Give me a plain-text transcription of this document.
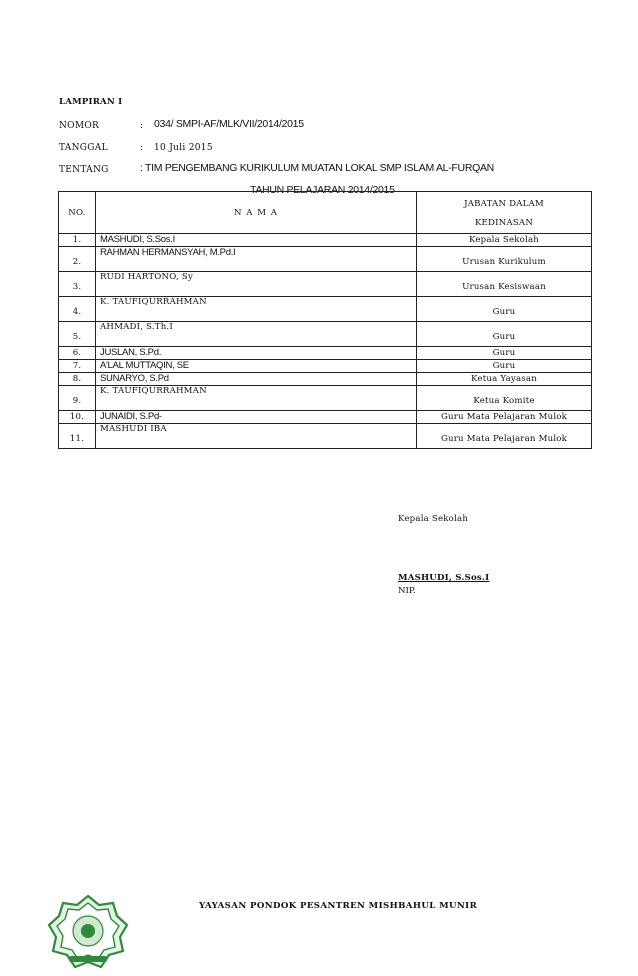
LAMPIRAN I
NOMOR	: 034/ SMPI-AF/MLK/VII/2014/2015
TANGGAL	: 10 Juli 2015
TENTANG	: TIM PENGEMBANG KURIKULUM MUATAN LOKAL SMP ISLAM AL-FURQAN
TAHUN PELAJARAN 2014/2015
NO.	N A M A	JABATAN DALAM
KEDINASAN

1.	MASHUDI, S.Sos.I	Kepala Sekolah

2.	RAHMAN HERMANSYAH, M.Pd.I	Urusan Kurikulum

3.	RUDI HARTONO, Sy	Urusan Kesiswaan

4.	K. TAUFIQURRAHMAN	Guru

5.	AHMADI, S.Th.I	Guru

6.	JUSLAN, S.Pd.	Guru
7.	A'LAL MUTTAQIN, SE	Guru
8.	SUNARYO, S.Pd	Ketua Yayasan

9.	K. TAUFIQURRAHMAN	Ketua Komite

10.	JUNAIDI, S.Pd-	Guru Mata Pelajaran Mulok

11.	MASHUDI IBA	Guru Mata Pelajaran Mulok
Kepala Sekolah
MASHUDI, S.Sos.I
NIP.
YAYASAN PONDOK PESANTREN MISHBAHUL MUNIR
